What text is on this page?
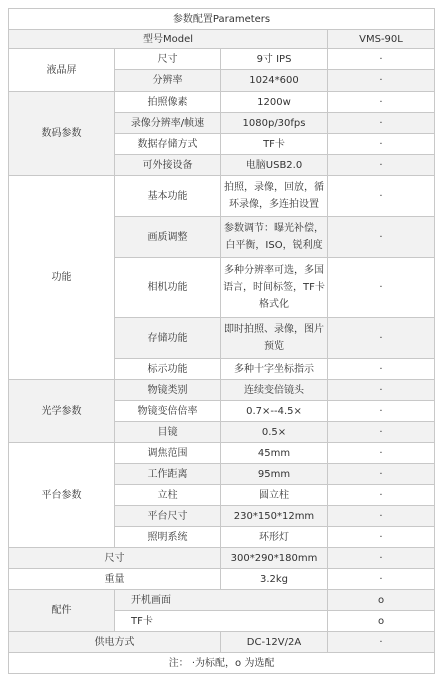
参数配置Parameters			
型号Model			VMS-90L
液晶屏	尺寸	9寸 IPS	·
	分辨率	1024*600	·
数码参数	拍照像素	1200w	·
	录像分辨率/帧速	1080p/30fps	·
	数据存储方式	TF卡	·
	可外接设备	电脑USB2.0	·
功能	基本功能	拍照，录像，回放，循
环录像，多连拍设置	·
	画质调整	参数调节：曝光补偿，
白平衡，ISO，锐利度	·
	相机功能	多种分辨率可选，多国
语言，时间标签，TF卡
格式化	·
	存储功能	即时拍照、录像，图片
预览	·
	标示功能	多种十字坐标指示	·
光学参数	物镜类别	连续变倍镜头	·
	物镜变倍倍率	0.7×--4.5×	·
	目镜	0.5×	·
平台参数	调焦范围	45mm	·
	工作距离	95mm	·
	立柱	圆立柱	·
	平台尺寸	230*150*12mm	·
	照明系统	环形灯	·
尺寸		300*290*180mm	·
重量		3.2kg	·
配件	开机画面		o
	TF卡		o
供电方式		DC-12V/2A	·
注： ·为标配，o 为选配			
